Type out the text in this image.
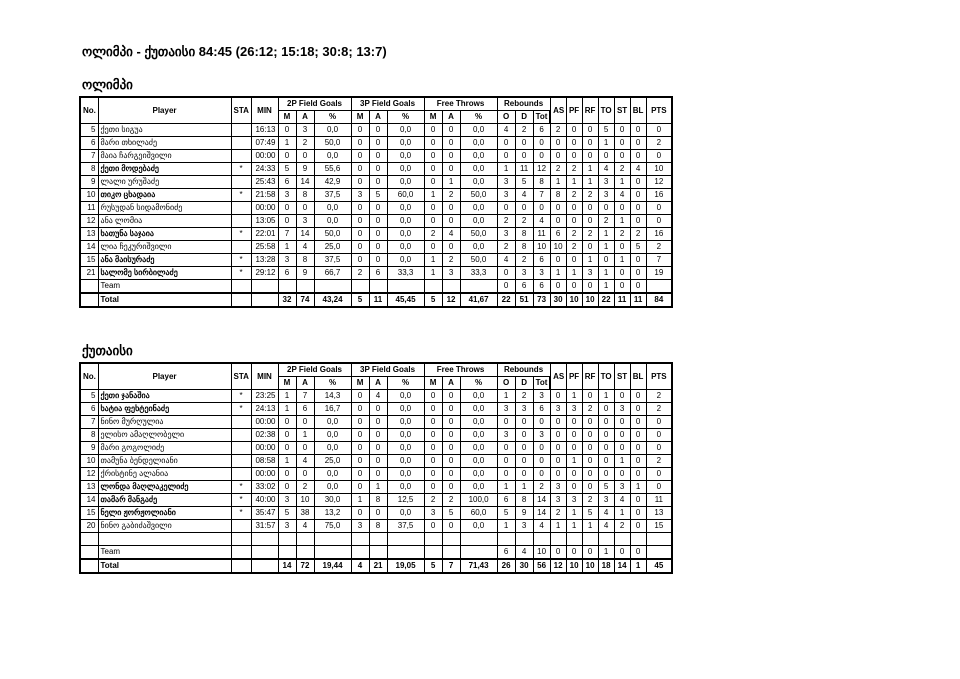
ოლიმპი - ქუთაისი 84:45 (26:12; 15:18; 30:8; 13:7)
ოლიმპი
No.	Player	STA	MIN	2P Field Goals			3P Field Goals			Free Throws			Rebounds			AS	PF	RF	TO	ST	BL	PTS
				M	A	%	M	A	%	M	A	%	O	D	Tot							
5	ქეთი სიგუა		16:13	0	3	0,0	0	0	0,0	0	0	0,0	4	2	6	2	0	0	5	0	0	0
6	მარი თხილაძე		07:49	1	2	50,0	0	0	0,0	0	0	0,0	0	0	0	0	0	0	1	0	0	2
7	მაია ჩარგეიშვილი		00:00	0	0	0,0	0	0	0,0	0	0	0,0	0	0	0	0	0	0	0	0	0	0
8	ქეთი მოდებაძე	*	24:33	5	9	55,6	0	0	0,0	0	0	0,0	1	11	12	2	2	1	4	2	4	10
9	ლალი ურუშაძე		25:43	6	14	42,9	0	0	0,0	0	1	0,0	3	5	8	1	1	1	3	1	0	12
10	თიკო ცხადაია	*	21:58	3	8	37,5	3	5	60,0	1	2	50,0	3	4	7	8	2	2	3	4	0	16
11	რუსუდან სიდამონიძე		00:00	0	0	0,0	0	0	0,0	0	0	0,0	0	0	0	0	0	0	0	0	0	0
12	ანა ლომია		13:05	0	3	0,0	0	0	0,0	0	0	0,0	2	2	4	0	0	0	2	1	0	0
13	ხათუნა საჯაია	*	22:01	7	14	50,0	0	0	0,0	2	4	50,0	3	8	11	6	2	2	1	2	2	16
14	ლია ჩეკურიშვილი		25:58	1	4	25,0	0	0	0,0	0	0	0,0	2	8	10	10	2	0	1	0	5	2
15	ანა მაისურაძე	*	13:28	3	8	37,5	0	0	0,0	1	2	50,0	4	2	6	0	0	1	0	1	0	7
21	სალომე სირბილაძე	*	29:12	6	9	66,7	2	6	33,3	1	3	33,3	0	3	3	1	1	3	1	0	0	19
	Team												0	6	6	0	0	0	1	0	0	
	Total			32	74	43,24	5	11	45,45	5	12	41,67	22	51	73	30	10	10	22	11	11	84
ქუთაისი
No.	Player	STA	MIN	2P Field Goals			3P Field Goals			Free Throws			Rebounds			AS	PF	RF	TO	ST	BL	PTS
				M	A	%	M	A	%	M	A	%	O	D	Tot							
5	ქეთი ჯანაშია	*	23:25	1	7	14,3	0	4	0,0	0	0	0,0	1	2	3	0	1	0	1	0	0	2
6	ხატია ფეხტეინაძე	*	24:13	1	6	16,7	0	0	0,0	0	0	0,0	3	3	6	3	3	2	0	3	0	2
7	ნინო მურღულია		00:00	0	0	0,0	0	0	0,0	0	0	0,0	0	0	0	0	0	0	0	0	0	0
8	ელისო ამაღლობელი		02:38	0	1	0,0	0	0	0,0	0	0	0,0	3	0	3	0	0	0	0	0	0	0
9	მარი გოგოლიძე		00:00	0	0	0,0	0	0	0,0	0	0	0,0	0	0	0	0	0	0	0	0	0	0
10	თამუნა ბენდელიანი		08:58	1	4	25,0	0	0	0,0	0	0	0,0	0	0	0	0	1	0	0	1	0	2
12	ქრისტინე ალანია		00:00	0	0	0,0	0	0	0,0	0	0	0,0	0	0	0	0	0	0	0	0	0	0
13	ლონდა მაღლაკელიძე	*	33:02	0	2	0,0	0	1	0,0	0	0	0,0	1	1	2	3	0	0	5	3	1	0
14	თამარ მანგაძე	*	40:00	3	10	30,0	1	8	12,5	2	2	100,0	6	8	14	3	3	2	3	4	0	11
15	ნელი ჟორჟოლიანი	*	35:47	5	38	13,2	0	0	0,0	3	5	60,0	5	9	14	2	1	5	4	1	0	13
20	ნინო გაბიძაშვილი		31:57	3	4	75,0	3	8	37,5	0	0	0,0	1	3	4	1	1	1	4	2	0	15

	Team												6	4	10	0	0	0	1	0	0	
	Total			14	72	19,44	4	21	19,05	5	7	71,43	26	30	56	12	10	10	18	14	1	45
